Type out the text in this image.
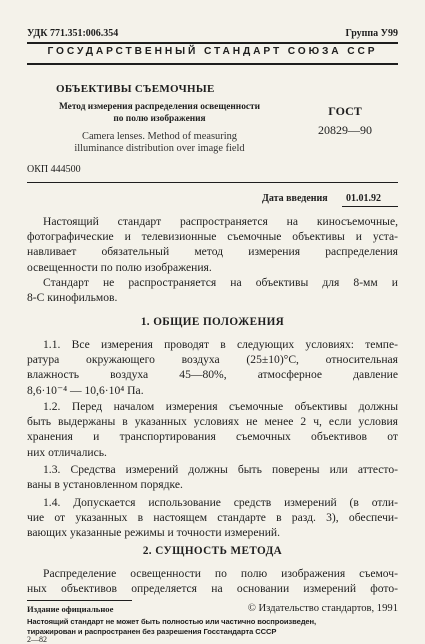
УДК 771.351:006.354	Группа У99
ГОСУДАРСТВЕННЫЙ СТАНДАРТ СОЮЗА ССР
ОБЪЕКТИВЫ СЪЕМОЧНЫЕ
Метод измерения распределения освещенности
по полю изображения
Camera lenses. Method of measuring
illuminance distribution over image field
ГОСТ
20829—90
ОКП 444500
Дата введения 01.01.92
Настоящий стандарт распространяется на киносъемочные,
фотографические и телевизионные съемочные объективы и уста-
навливает обязательный метод измерения распределения
освещенности по полю изображения.
Стандарт не распространяется на объективы для 8-мм и
8-С кинофильмов.
1. ОБЩИЕ ПОЛОЖЕНИЯ
1.1. Все измерения проводят в следующих условиях: темпе-
ратура окружающего воздуха (25±10)°С, относительная
влажность воздуха 45—80%, атмосферное давление
8,6·10⁻⁴ — 10,6·10⁴ Па.
1.2. Перед началом измерения съемочные объективы должны
быть выдержаны в указанных условиях не менее 2 ч, если условия
хранения и транспортирования съемочных объективов от
них отличались.
1.3. Средства измерений должны быть поверены или аттесто-
ваны в установленном порядке.
1.4. Допускается использование средств измерений (в отли-
чие от указанных в настоящем стандарте в разд. 3), обеспечи-
вающих указанные режимы и точности измерений.
2. СУЩНОСТЬ МЕТОДА
Распределение освещенности по полю изображения съемоч-
ных объективов определяется на основании измерений фото-
Издание официальное	© Издательство стандартов, 1991
Настоящий стандарт не может быть полностью или частично воспроизведен,
тиражирован и распространен без разрешения Госстандарта СССР
2—82
